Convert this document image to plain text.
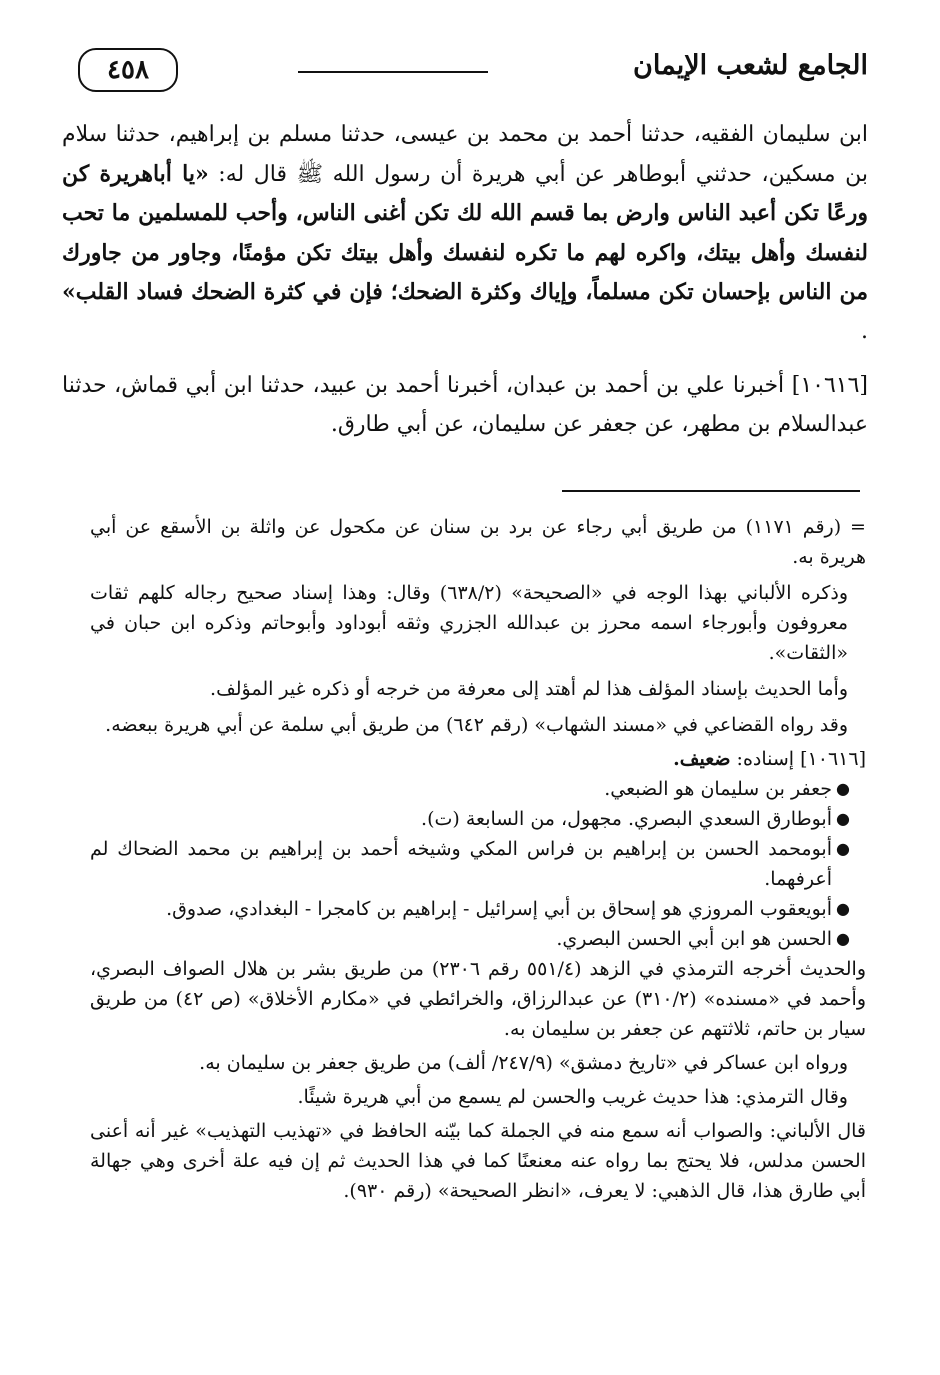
٤٥٨	الجامع لشعب الإيمان

ابن سليمان الفقيه، حدثنا أحمد بن محمد بن عيسى، حدثنا مسلم بن إبراهيم، حدثنا سلام بن مسكين، حدثني أبوطاهر عن أبي هريرة أن رسول الله ﷺ قال له: «يا أباهريرة كن ورعًا تكن أعبد الناس وارض بما قسم الله لك تكن أغنى الناس، وأحب للمسلمين ما تحب لنفسك وأهل بيتك، واكره لهم ما تكره لنفسك وأهل بيتك تكن مؤمنًا، وجاور من جاورك من الناس بإحسان تكن مسلماً، وإياك وكثرة الضحك؛ فإن في كثرة الضحك فساد القلب» .

[١٠٦١٦] أخبرنا علي بن أحمد بن عبدان، أخبرنا أحمد بن عبيد، حدثنا ابن أبي قماش، حدثنا عبدالسلام بن مطهر، عن جعفر عن سليمان، عن أبي طارق.

= (رقم ١١٧١) من طريق أبي رجاء عن برد بن سنان عن مكحول عن واثلة بن الأسقع عن أبي هريرة به.

وذكره الألباني بهذا الوجه في «الصحيحة» (٦٣٨/٢) وقال: وهذا إسناد صحيح رجاله كلهم ثقات معروفون وأبورجاء اسمه محرز بن عبدالله الجزري وثقه أبوداود وأبوحاتم وذكره ابن حبان في «الثقات».

وأما الحديث بإسناد المؤلف هذا لم أهتد إلى معرفة من خرجه أو ذكره غير المؤلف.

وقد رواه القضاعي في «مسند الشهاب» (رقم ٦٤٢) من طريق أبي سلمة عن أبي هريرة ببعضه.

[١٠٦١٦] إسناده: ضعيف.

●
جعفر بن سليمان هو الضبعي.
●
أبوطارق السعدي البصري. مجهول، من السابعة (ت).
●
أبومحمد الحسن بن إبراهيم بن فراس المكي وشيخه أحمد بن إبراهيم بن محمد الضحاك لم أعرفهما.
●
أبويعقوب المروزي هو إسحاق بن أبي إسرائيل - إبراهيم بن كامجرا - البغدادي، صدوق.
●
الحسن هو ابن أبي الحسن البصري.

والحديث أخرجه الترمذي في الزهد (٥٥١/٤ رقم ٢٣٠٦) من طريق بشر بن هلال الصواف البصري، وأحمد في «مسنده» (٣١٠/٢) عن عبدالرزاق، والخرائطي في «مكارم الأخلاق» (ص ٤٢) من طريق سيار بن حاتم، ثلاثتهم عن جعفر بن سليمان به.

ورواه ابن عساكر في «تاريخ دمشق» (٢٤٧/٩/ ألف) من طريق جعفر بن سليمان به.

وقال الترمذي: هذا حديث غريب والحسن لم يسمع من أبي هريرة شيئًا.

قال الألباني: والصواب أنه سمع منه في الجملة كما بيّنه الحافظ في «تهذيب التهذيب» غير أنه أعنى الحسن مدلس، فلا يحتج بما رواه عنه معنعنًا كما في هذا الحديث ثم إن فيه علة أخرى وهي جهالة أبي طارق هذا، قال الذهبي: لا يعرف، «انظر الصحيحة» (رقم ٩٣٠).
